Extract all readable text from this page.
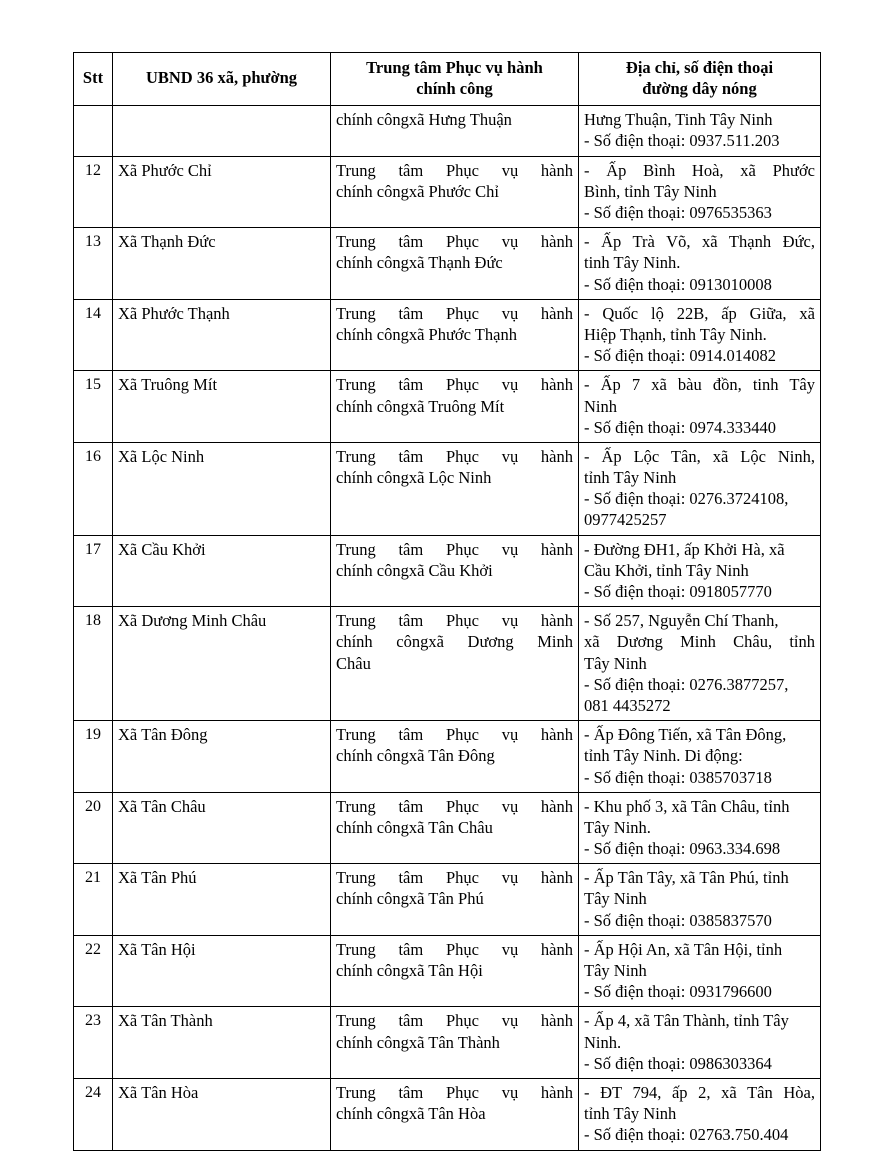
Stt	UBND 36 xã, phường	Trung tâm Phục vụ hành
chính công	Địa chỉ, số điện thoại
đường dây nóng

		chính côngxã Hưng Thuận	Hưng Thuận, Tinh Tây Ninh
- Số điện thoại: 0937.511.203

12	Xã Phước Chỉ	Trung tâm Phục vụ hành
chính côngxã Phước Chỉ	- Ấp Bình Hoà, xã Phước
Bình, tỉnh Tây Ninh
- Số điện thoại: 0976535363

13	Xã Thạnh Đức	Trung tâm Phục vụ hành
chính côngxã Thạnh Đức	- Ấp Trà Võ, xã Thạnh Đức,
tinh Tây Ninh.
- Số điện thoại: 0913010008

14	Xã Phước Thạnh	Trung tâm Phục vụ hành
chính côngxã Phước Thạnh	- Quốc lộ 22B, ấp Giữa, xã
Hiệp Thạnh, tỉnh Tây Ninh.
- Số điện thoại: 0914.014082

15	Xã Truông Mít	Trung tâm Phục vụ hành
chính côngxã Truông Mít	- Ấp 7 xã bàu đồn, tinh Tây
Ninh
- Số điện thoại: 0974.333440

16	Xã Lộc Ninh	Trung tâm Phục vụ hành
chính côngxã Lộc Ninh	- Ấp Lộc Tân, xã Lộc Ninh,
tỉnh Tây Ninh
- Số điện thoại: 0276.3724108,
0977425257

17	Xã Cầu Khởi	Trung tâm Phục vụ hành
chính côngxã Cầu Khởi	- Đường ĐH1, ấp Khởi Hà, xã
Cầu Khởi, tỉnh Tây Ninh
- Số điện thoại: 0918057770

18	Xã Dương Minh Châu	Trung tâm Phục vụ hành
chính côngxã Dương Minh
Châu	- Số 257, Nguyễn Chí Thanh,
xã Dương Minh Châu, tỉnh
Tây Ninh
- Số điện thoại: 0276.3877257,
081 4435272

19	Xã Tân Đông	Trung tâm Phục vụ hành
chính côngxã Tân Đông	- Ấp Đông Tiến, xã Tân Đông,
tỉnh Tây Ninh. Di động:
- Số điện thoại: 0385703718

20	Xã Tân Châu	Trung tâm Phục vụ hành
chính côngxã Tân Châu	- Khu phố 3, xã Tân Châu, tỉnh
Tây Ninh.
- Số điện thoại: 0963.334.698

21	Xã Tân Phú	Trung tâm Phục vụ hành
chính côngxã Tân Phú	- Ấp Tân Tây, xã Tân Phú, tỉnh
Tây Ninh
- Số điện thoại: 0385837570

22	Xã Tân Hội	Trung tâm Phục vụ hành
chính côngxã Tân Hội	- Ấp Hội An, xã Tân Hội, tỉnh
Tây Ninh
- Số điện thoại: 0931796600

23	Xã Tân Thành	Trung tâm Phục vụ hành
chính côngxã Tân Thành	- Ấp 4, xã Tân Thành, tỉnh Tây
Ninh.
- Số điện thoại: 0986303364

24	Xã Tân Hòa	Trung tâm Phục vụ hành
chính côngxã Tân Hòa	- ĐT 794, ấp 2, xã Tân Hòa,
tỉnh Tây Ninh
- Số điện thoại: 02763.750.404
